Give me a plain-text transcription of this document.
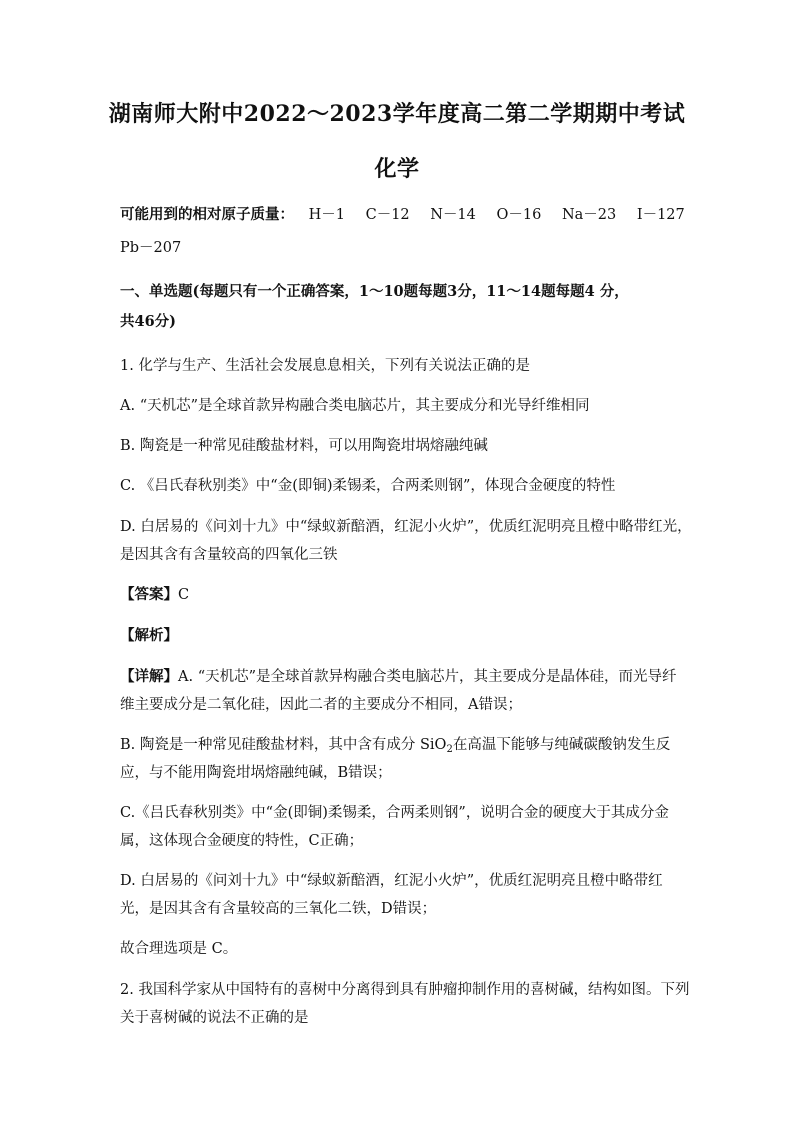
湖南师大附中2022～2023学年度高二第二学期期中考试
化学
可能用到的相对原子质量： H－1 C－12 N－14 O－16 Na－23 I－127
Pb－207
一、单选题(每题只有一个正确答案，1～10题每题3分，11～14题每题4 分，
共46分)
1. 化学与生产、生活社会发展息息相关，下列有关说法正确的是
A. “天机芯”是全球首款异构融合类电脑芯片，其主要成分和光导纤维相同
B. 陶瓷是一种常见硅酸盐材料，可以用陶瓷坩埚熔融纯碱
C. 《吕氏春秋别类》中“金(即铜)柔锡柔，合两柔则钢”，体现合金硬度的特性
D. 白居易的《问刘十九》中“绿蚁新醅酒，红泥小火炉”，优质红泥明亮且橙中略带红光，
是因其含有含量较高的四氧化三铁
【答案】C
【解析】
【详解】A. “天机芯”是全球首款异构融合类电脑芯片，其主要成分是晶体硅，而光导纤
维主要成分是二氧化硅，因此二者的主要成分不相同，A错误；
B. 陶瓷是一种常见硅酸盐材料，其中含有成分 SiO$_2$在高温下能够与纯碱碳酸钠发生反
应，与不能用陶瓷坩埚熔融纯碱，B错误；
C.《吕氏春秋别类》中“金(即铜)柔锡柔，合两柔则钢”，说明合金的硬度大于其成分金
属，这体现合金硬度的特性，C正确；
D. 白居易的《问刘十九》中“绿蚁新醅酒，红泥小火炉”，优质红泥明亮且橙中略带红
光，是因其含有含量较高的三氧化二铁，D错误；
故合理选项是 C。
2. 我国科学家从中国特有的喜树中分离得到具有肿瘤抑制作用的喜树碱，结构如图。下列
关于喜树碱的说法不正确的是
